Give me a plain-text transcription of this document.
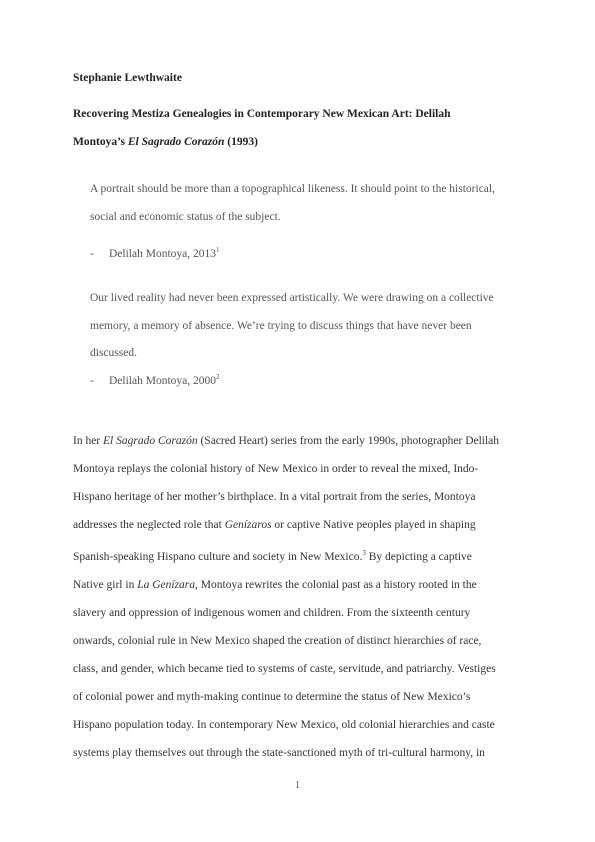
Stephanie Lewthwaite
Recovering Mestiza Genealogies in Contemporary New Mexican Art: Delilah
Montoya’s El Sagrado Corazón (1993)
A portrait should be more than a topographical likeness. It should point to the historical,
social and economic status of the subject.
- Delilah Montoya, 2013$^1$
Our lived reality had never been expressed artistically. We were drawing on a collective
memory, a memory of absence. We’re trying to discuss things that have never been
discussed.
- Delilah Montoya, 2000$^2$
In her El Sagrado Corazón (Sacred Heart) series from the early 1990s, photographer Delilah
Montoya replays the colonial history of New Mexico in order to reveal the mixed, Indo-
Hispano heritage of her mother’s birthplace. In a vital portrait from the series, Montoya
addresses the neglected role that Genízaros or captive Native peoples played in shaping
Spanish-speaking Hispano culture and society in New Mexico.$^3$ By depicting a captive
Native girl in La Genízara, Montoya rewrites the colonial past as a history rooted in the
slavery and oppression of indigenous women and children. From the sixteenth century
onwards, colonial rule in New Mexico shaped the creation of distinct hierarchies of race,
class, and gender, which became tied to systems of caste, servitude, and patriarchy. Vestiges
of colonial power and myth-making continue to determine the status of New Mexico’s
Hispano population today. In contemporary New Mexico, old colonial hierarchies and caste
systems play themselves out through the state-sanctioned myth of tri-cultural harmony, in
1
